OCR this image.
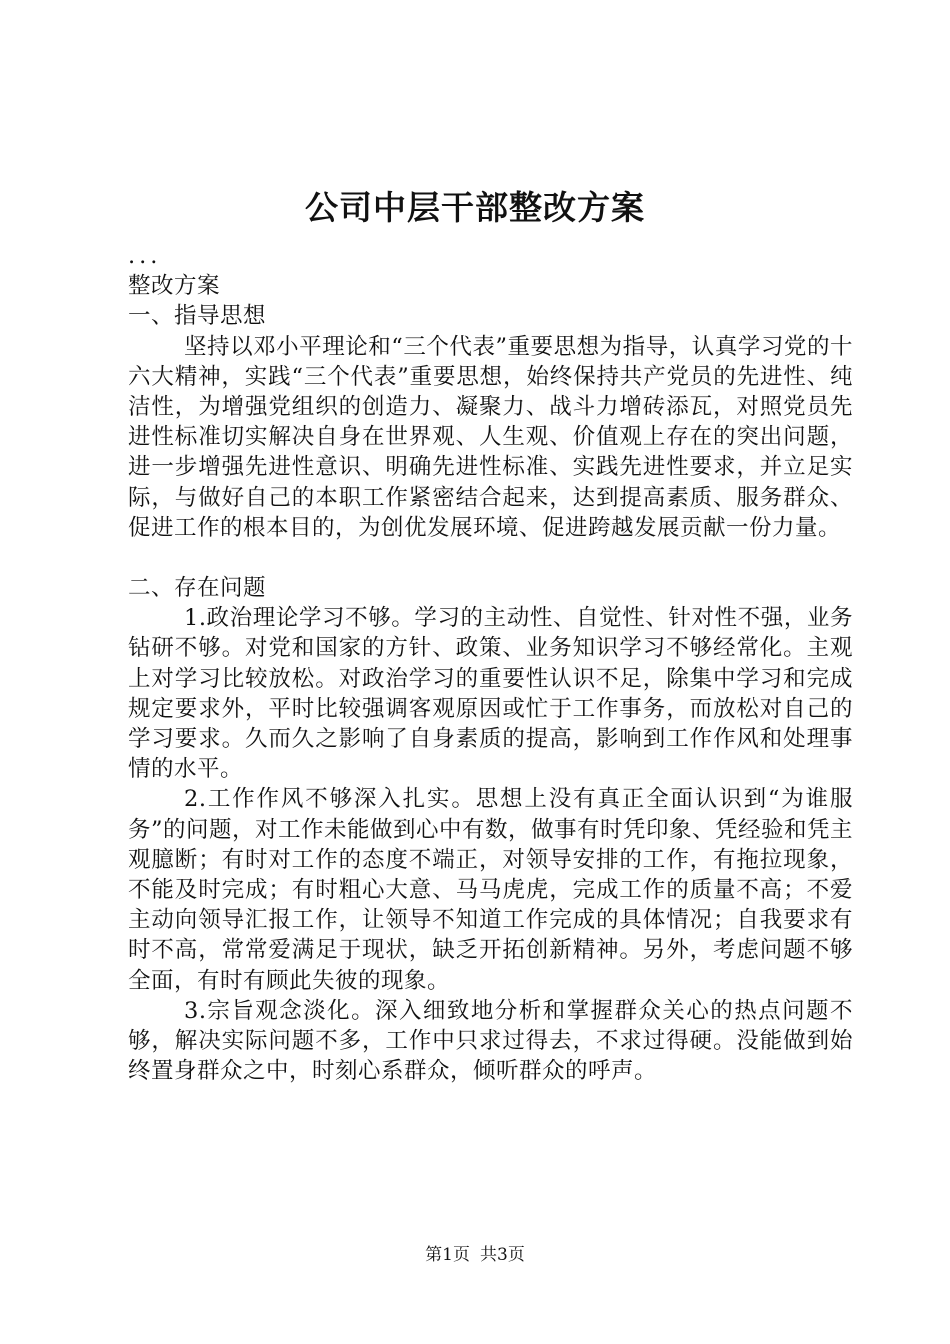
公司中层干部整改方案

...

整改方案

一、指导思想

坚持以邓小平理论和“三个代表”重要思想为指导，认真学习党的十六大精神，实践“三个代表”重要思想，始终保持共产党员的先进性、纯洁性，为增强党组织的创造力、凝聚力、战斗力增砖添瓦，对照党员先进性标准切实解决自身在世界观、人生观、价值观上存在的突出问题，进一步增强先进性意识、明确先进性标准、实践先进性要求，并立足实际，与做好自己的本职工作紧密结合起来，达到提高素质、服务群众、促进工作的根本目的，为创优发展环境、促进跨越发展贡献一份力量。

二、存在问题

1.政治理论学习不够。学习的主动性、自觉性、针对性不强，业务钻研不够。对党和国家的方针、政策、业务知识学习不够经常化。主观上对学习比较放松。对政治学习的重要性认识不足，除集中学习和完成规定要求外，平时比较强调客观原因或忙于工作事务，而放松对自己的学习要求。久而久之影响了自身素质的提高，影响到工作作风和处理事情的水平。

2.工作作风不够深入扎实。思想上没有真正全面认识到“为谁服务”的问题，对工作未能做到心中有数，做事有时凭印象、凭经验和凭主观臆断；有时对工作的态度不端正，对领导安排的工作，有拖拉现象，不能及时完成；有时粗心大意、马马虎虎，完成工作的质量不高；不爱主动向领导汇报工作，让领导不知道工作完成的具体情况；自我要求有时不高，常常爱满足于现状，缺乏开拓创新精神。另外，考虑问题不够全面，有时有顾此失彼的现象。

3.宗旨观念淡化。深入细致地分析和掌握群众关心的热点问题不够，解决实际问题不多，工作中只求过得去，不求过得硬。没能做到始终置身群众之中，时刻心系群众，倾听群众的呼声。

第1页 共3页
